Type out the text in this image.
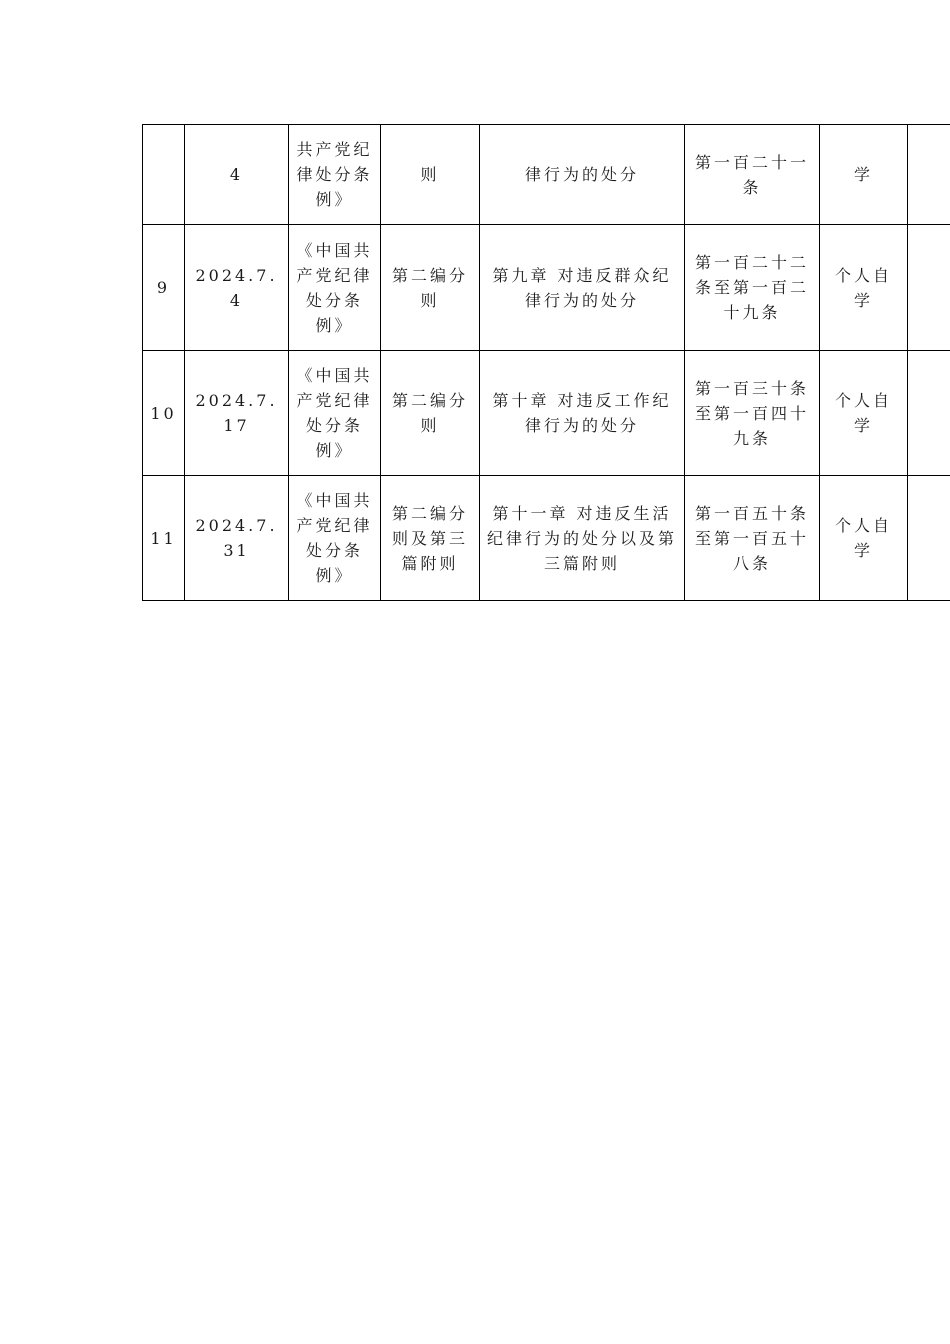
	4	共产党纪律处分条例》	则	律行为的处分	第一百二十一条	学	
9	2024.7.4	《中国共产党纪律处分条例》	第二编分则	第九章 对违反群众纪律行为的处分	第一百二十二条至第一百二十九条	个人自学	
10	2024.7.17	《中国共产党纪律处分条例》	第二编分则	第十章 对违反工作纪律行为的处分	第一百三十条至第一百四十九条	个人自学	
11	2024.7.31	《中国共产党纪律处分条例》	第二编分则及第三篇附则	第十一章 对违反生活纪律行为的处分以及第三篇附则	第一百五十条至第一百五十八条	个人自学	
